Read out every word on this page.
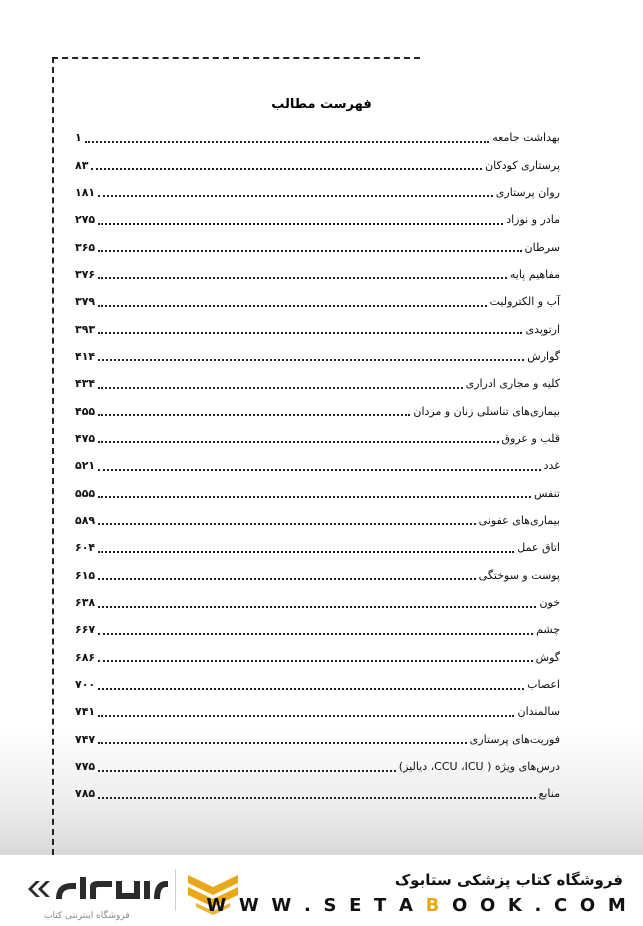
فهرست مطالب
بهداشت جامعه
۱
پرستاری کودکان
۸۳
روان پرستاری
۱۸۱
مادر و نوزاد
۲۷۵
سرطان
۳۶۵
مفاهیم پایه
۳۷۶
آب و الکترولیت
۳۷۹
ارتوپدی
۳۹۳
گوارش
۴۱۴
کلیه و مجاری ادراری
۴۳۴
بیماری‌های تناسلی زنان و مردان
۴۵۵
قلب و عروق
۴۷۵
غدد
۵۲۱
تنفس
۵۵۵
بیماری‌های عفونی
۵۸۹
اتاق عمل
۶۰۴
پوست و سوختگی
۶۱۵
خون
۶۳۸
چشم
۶۶۷
گوش
۶۸۶
اعصاب
۷۰۰
سالمندان
۷۴۱
فوریت‌های پرستاری
۷۴۷
درس‌های ویژه ( CCU ،ICU، دیالیز)
۷۷۵
منابع
۷۸۵
فروشگاه اینترنتی کتاب
فروشگاه کتاب پزشکی ستابوک
W W W . S E T A B O O K . C O M
